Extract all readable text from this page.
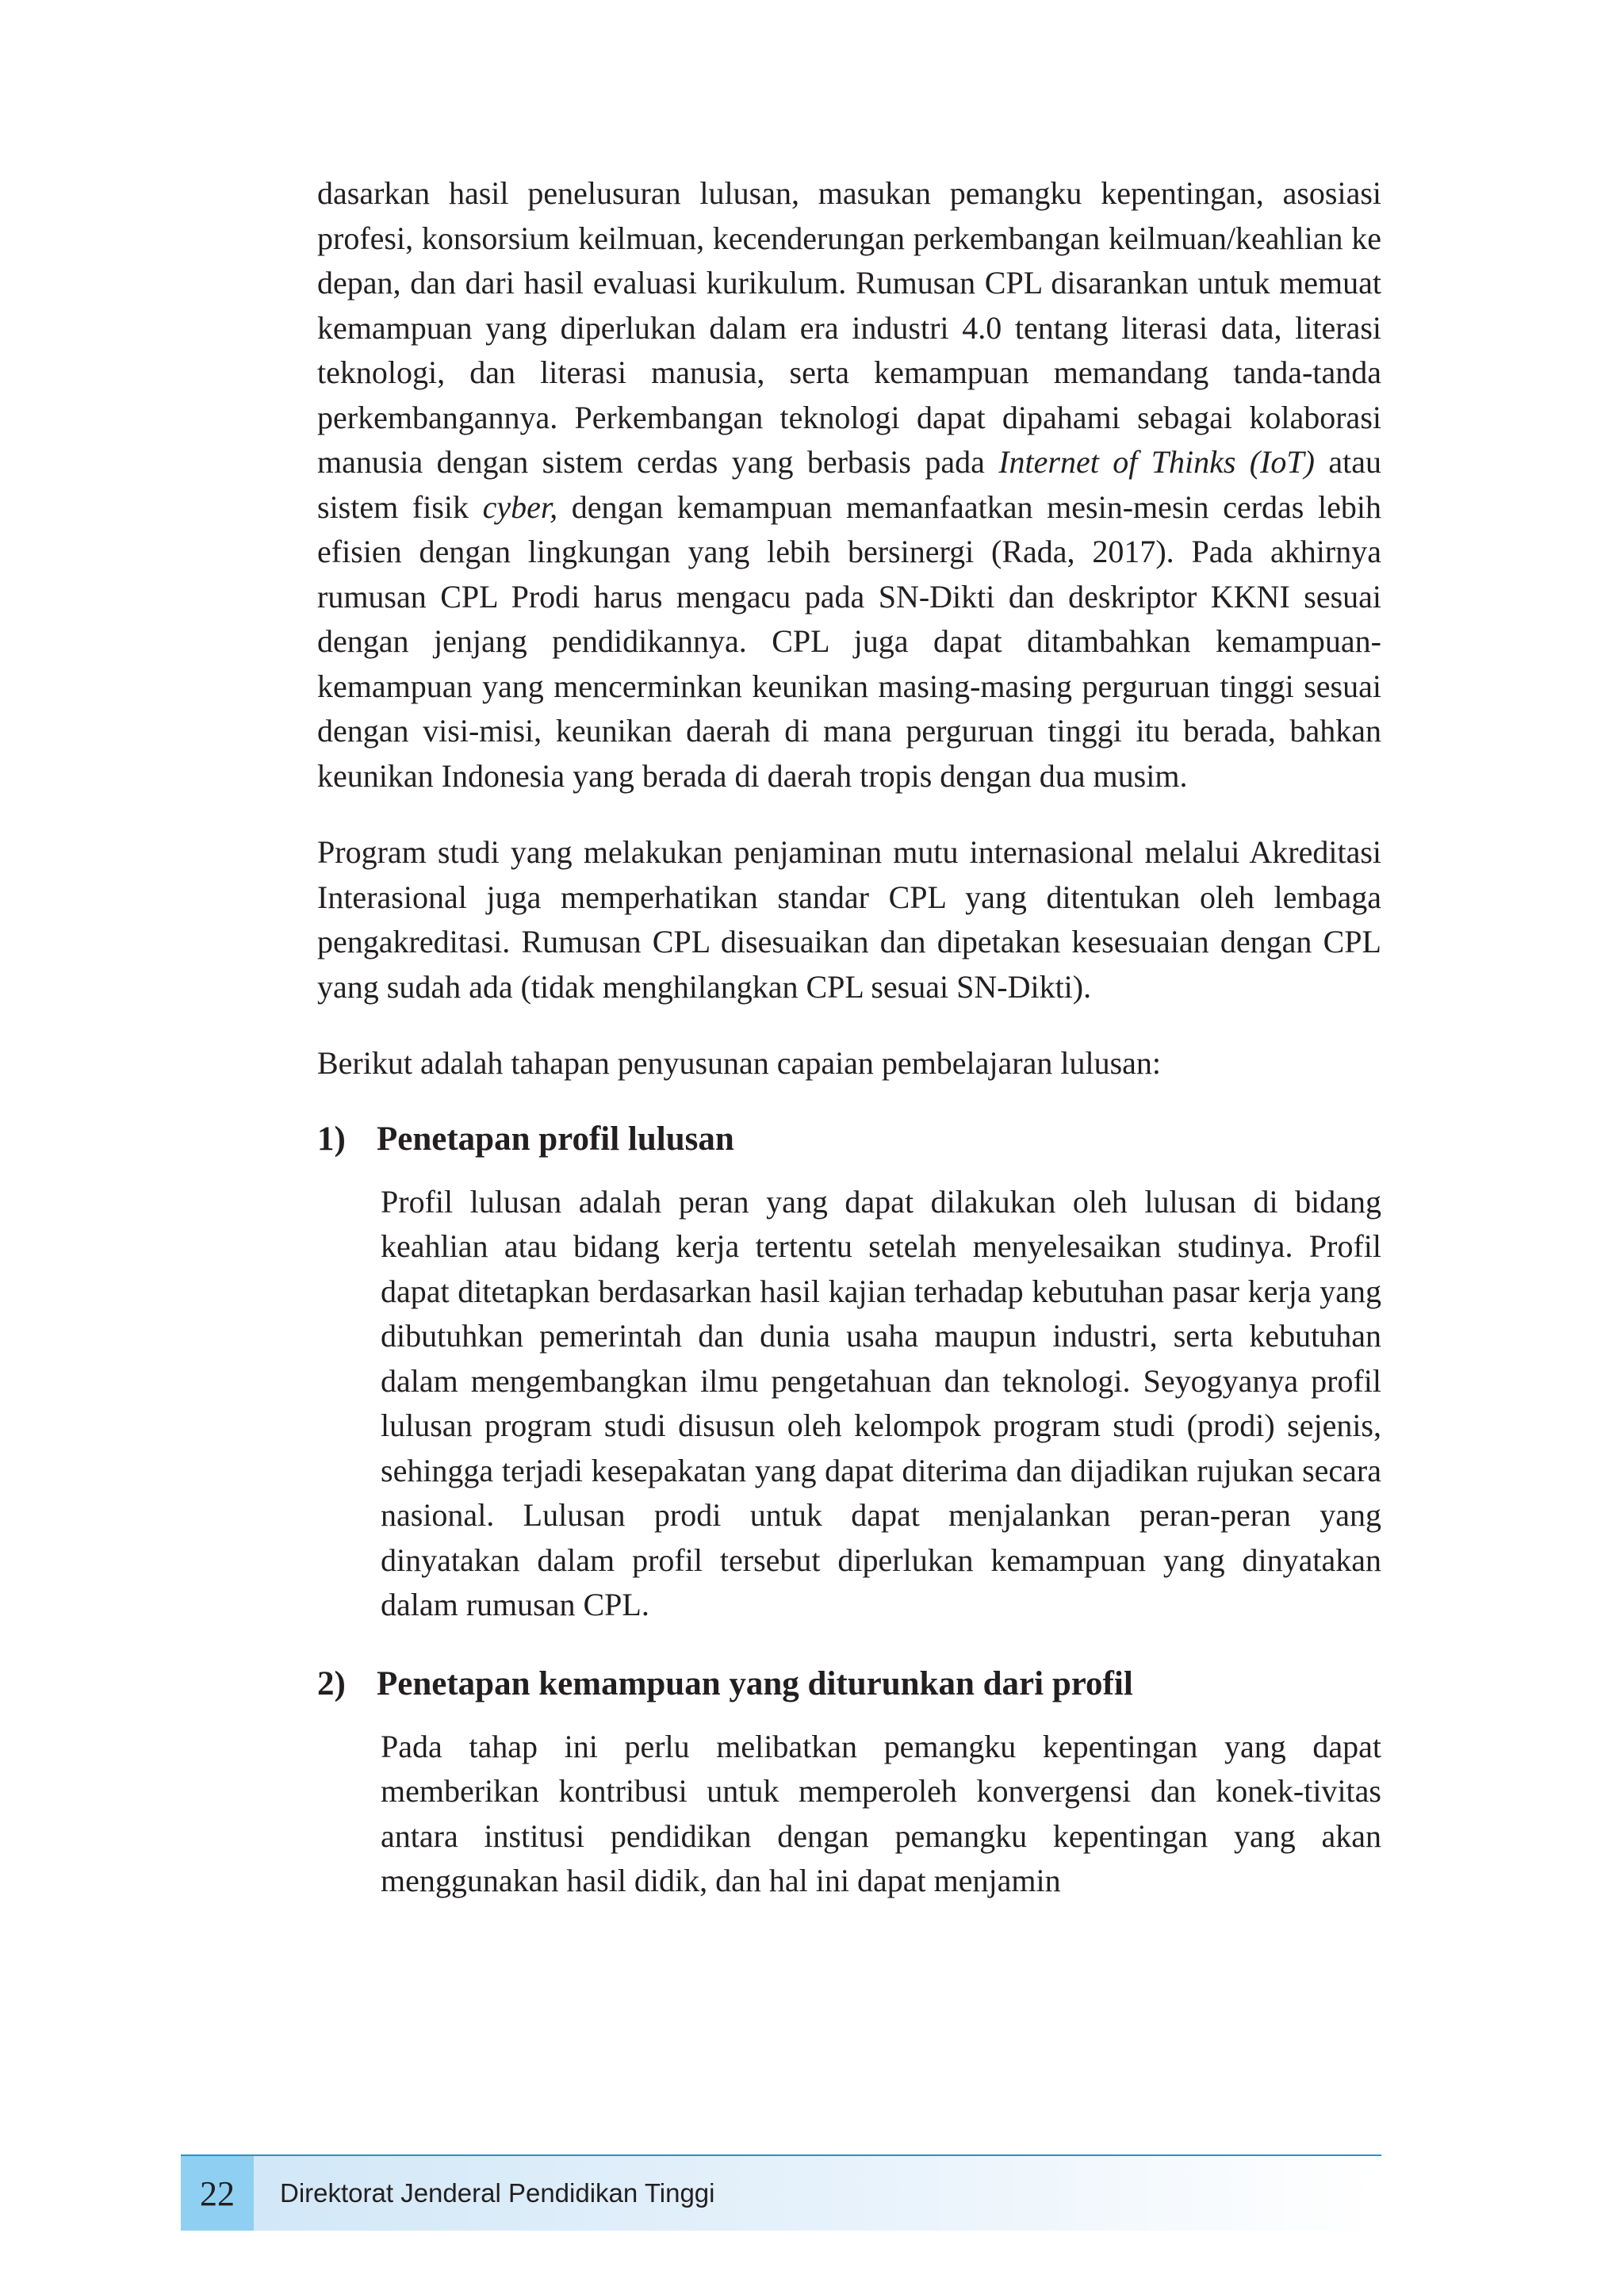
dasarkan hasil penelusuran lulusan, masukan pemangku kepentingan, asosiasi profesi, konsorsium keilmuan, kecenderungan perkembangan keilmuan/keahlian ke depan, dan dari hasil evaluasi kurikulum. Rumusan CPL disarankan untuk memuat kemampuan yang diperlukan dalam era industri 4.0 tentang literasi data, literasi teknologi, dan literasi manusia, serta kemampuan memandang tanda-tanda perkembangannya. Perkembangan teknologi dapat dipahami sebagai kolaborasi manusia dengan sistem cerdas yang berbasis pada Internet of Thinks (IoT) atau sistem fisik cyber, dengan kemampuan memanfaatkan mesin-mesin cerdas lebih efisien dengan lingkungan yang lebih bersinergi (Rada, 2017). Pada akhirnya rumusan CPL Prodi harus mengacu pada SN-Dikti dan deskriptor KKNI sesuai dengan jenjang pendidikannya. CPL juga dapat ditambahkan kemampuan-kemampuan yang mencerminkan keunikan masing-masing perguruan tinggi sesuai dengan visi-misi, keunikan daerah di mana perguruan tinggi itu berada, bahkan keunikan Indonesia yang berada di daerah tropis dengan dua musim.

Program studi yang melakukan penjaminan mutu internasional melalui Akreditasi Interasional juga memperhatikan standar CPL yang ditentukan oleh lembaga pengakreditasi. Rumusan CPL disesuaikan dan dipetakan kesesuaian dengan CPL yang sudah ada (tidak menghilangkan CPL sesuai SN-Dikti).

Berikut adalah tahapan penyusunan capaian pembelajaran lulusan:

1) Penetapan profil lulusan

Profil lulusan adalah peran yang dapat dilakukan oleh lulusan di bidang keahlian atau bidang kerja tertentu setelah menyelesaikan studinya. Profil dapat ditetapkan berdasarkan hasil kajian terhadap kebutuhan pasar kerja yang dibutuhkan pemerintah dan dunia usaha maupun industri, serta kebutuhan dalam mengembangkan ilmu pengetahuan dan teknologi. Seyogyanya profil lulusan program studi disusun oleh kelompok program studi (prodi) sejenis, sehingga terjadi kesepakatan yang dapat diterima dan dijadikan rujukan secara nasional. Lulusan prodi untuk dapat menjalankan peran-peran yang dinyatakan dalam profil tersebut diperlukan kemampuan yang dinyatakan dalam rumusan CPL.

2) Penetapan kemampuan yang diturunkan dari profil

Pada tahap ini perlu melibatkan pemangku kepentingan yang dapat memberikan kontribusi untuk memperoleh konvergensi dan konek-tivitas antara institusi pendidikan dengan pemangku kepentingan yang akan menggunakan hasil didik, dan hal ini dapat menjamin

22	Direktorat Jenderal Pendidikan Tinggi
